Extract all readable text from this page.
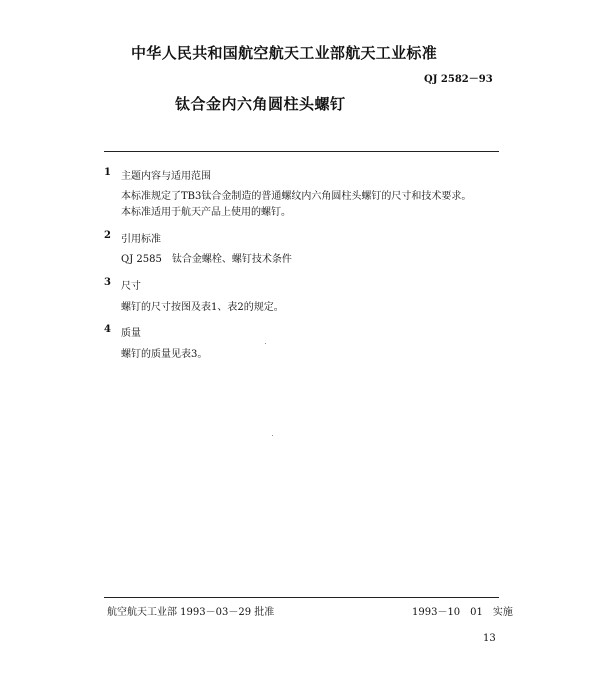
中华人民共和国航空航天工业部航天工业标准
QJ 2582－93
钛合金内六角圆柱头螺钉
1 主题内容与适用范围
本标准规定了TB3钛合金制造的普通螺纹内六角圆柱头螺钉的尺寸和技术要求。
本标准适用于航天产品上使用的螺钉。
2 引用标准
QJ 2585　钛合金螺栓、螺钉技术条件
3 尺寸
螺钉的尺寸按图及表1、表2的规定。
4 质量
螺钉的质量见表3。
航空航天工业部 1993－03－29 批准	1993－10　01　实施
13
